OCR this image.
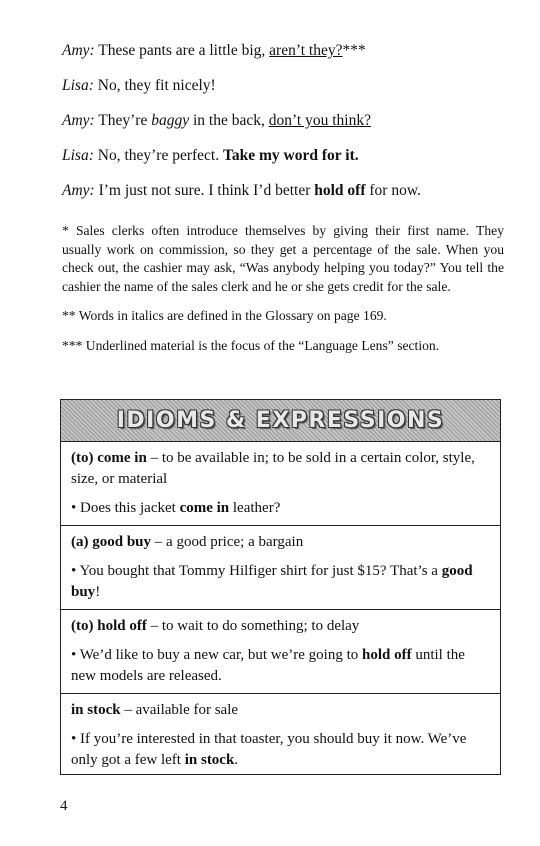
Amy: These pants are a little big, aren’t they?***
Lisa: No, they fit nicely!
Amy: They’re baggy in the back, don’t you think?
Lisa: No, they’re perfect. Take my word for it.
Amy: I’m just not sure. I think I’d better hold off for now.

* Sales clerks often introduce themselves by giving their first name. They usually work on commission, so they get a percentage of the sale. When you check out, the cashier may ask, “Was anybody helping you today?” You tell the cashier the name of the sales clerk and he or she gets credit for the sale.

** Words in italics are defined in the Glossary on page 169.

*** Underlined material is the focus of the “Language Lens” section.

IDIOMS & EXPRESSIONS

(to) come in – to be available in; to be sold in a certain color, style, size, or material

• Does this jacket come in leather?

(a) good buy – a good price; a bargain

• You bought that Tommy Hilfiger shirt for just $15? That’s a good buy!

(to) hold off – to wait to do something; to delay

• We’d like to buy a new car, but we’re going to hold off until the new models are released.

in stock – available for sale

• If you’re interested in that toaster, you should buy it now. We’ve only got a few left in stock.

4
